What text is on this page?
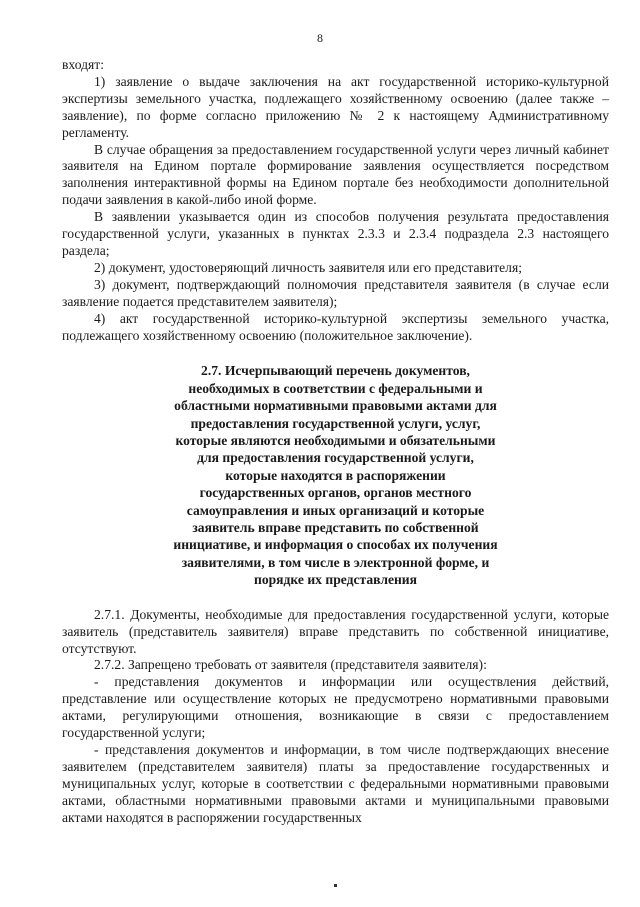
8

входят:

1) заявление о выдаче заключения на акт государственной историко-культурной экспертизы земельного участка, подлежащего хозяйственному освоению (далее также – заявление), по форме согласно приложению № 2 к настоящему Административному регламенту.

В случае обращения за предоставлением государственной услуги через личный кабинет заявителя на Едином портале формирование заявления осуществляется посредством заполнения интерактивной формы на Едином портале без необходимости дополнительной подачи заявления в какой-либо иной форме.

В заявлении указывается один из способов получения результата предоставления государственной услуги, указанных в пунктах 2.3.3 и 2.3.4 подраздела 2.3 настоящего раздела;

2) документ, удостоверяющий личность заявителя или его представителя;

3) документ, подтверждающий полномочия представителя заявителя (в случае если заявление подается представителем заявителя);

4) акт государственной историко-культурной экспертизы земельного участка, подлежащего хозяйственному освоению (положительное заключение).

2.7. Исчерпывающий перечень документов,
необходимых в соответствии с федеральными и
областными нормативными правовыми актами для
предоставления государственной услуги, услуг,
которые являются необходимыми и обязательными
для предоставления государственной услуги,
которые находятся в распоряжении
государственных органов, органов местного
самоуправления и иных организаций и которые
заявитель вправе представить по собственной
инициативе, и информация о способах их получения
заявителями, в том числе в электронной форме, и
порядке их представления

2.7.1. Документы, необходимые для предоставления государственной услуги, которые заявитель (представитель заявителя) вправе представить по собственной инициативе, отсутствуют.

2.7.2. Запрещено требовать от заявителя (представителя заявителя):

- представления документов и информации или осуществления действий, представление или осуществление которых не предусмотрено нормативными правовыми актами, регулирующими отношения, возникающие в связи с предоставлением государственной услуги;

- представления документов и информации, в том числе подтверждающих внесение заявителем (представителем заявителя) платы за предоставление государственных и муниципальных услуг, которые в соответствии с федеральными нормативными правовыми актами, областными нормативными правовыми актами и муниципальными правовыми актами находятся в распоряжении государственных
